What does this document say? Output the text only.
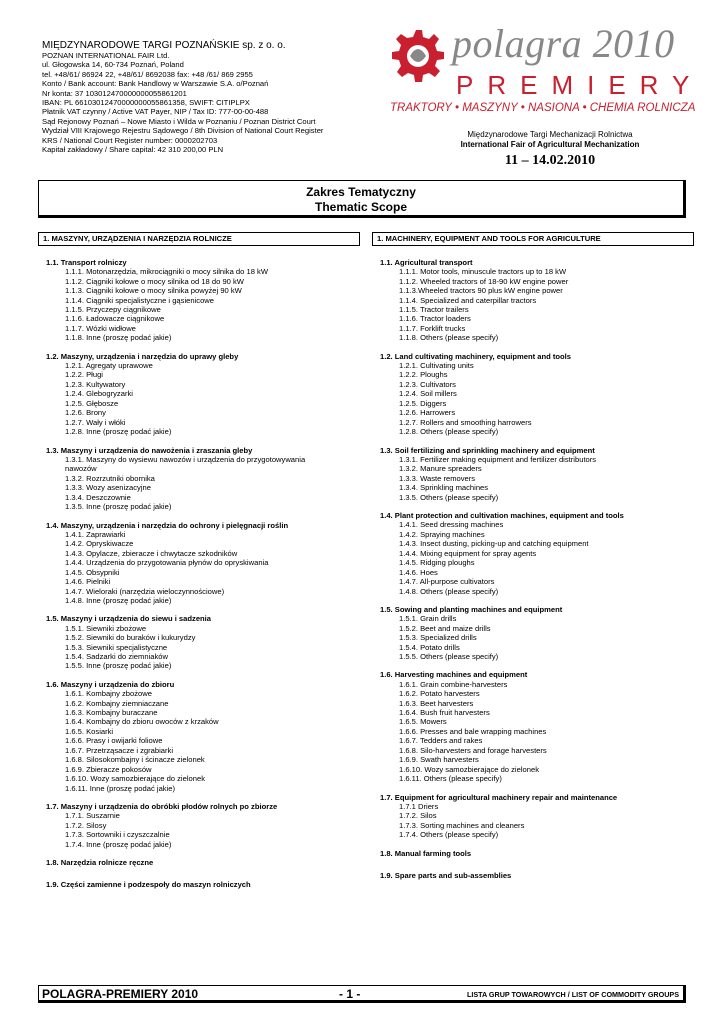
MIĘDZYNARODOWE TARGI POZNAŃSKIE sp. z o. o.
POZNAN INTERNATIONAL FAIR Ltd.
ul. Głogowska 14, 60-734 Poznań, Poland
tel. +48/61/ 86924 22, +48/61/ 8692038 fax: +48 /61/ 869 2955
Konto / Bank account: Bank Handlowy w Warszawie S.A. o/Poznań
Nr konta: 37 103012470000000055861201
IBAN: PL 66103012470000000055861358, SWIFT: CITIPLPX
Płatnik VAT czynny / Active VAT Payer, NIP / Tax ID: 777-00-00-488
Sąd Rejonowy Poznań – Nowe Miasto i Wilda w Poznaniu / Poznan District Court
Wydział VIII Krajowego Rejestru Sądowego / 8th Division of National Court Register
KRS / National Court Register number: 0000202703
Kapitał zakładowy / Share capital: 42 310 200,00 PLN
polagra 2010
PREMIERY
TRAKTORY • MASZYNY • NASIONA • CHEMIA ROLNICZA
Międzynarodowe Targi Mechanizacji Rolnictwa
International Fair of Agricultural Mechanization
11 – 14.02.2010
Zakres Tematyczny
Thematic Scope
1. MASZYNY, URZĄDZENIA I NARZĘDZIA ROLNICZE
1.1. Transport rolniczy
1.1.1. Motonarzędzia, mikrociągniki o mocy silnika do 18 kW
1.1.2. Ciągniki kołowe o mocy silnika od 18 do 90 kW
1.1.3. Ciągniki kołowe o mocy silnika powyżej 90 kW
1.1.4. Ciągniki specjalistyczne i gąsienicowe
1.1.5. Przyczepy ciągnikowe
1.1.6. Ładowacze ciągnikowe
1.1.7. Wózki widłowe
1.1.8. Inne (proszę podać jakie)
1.2. Maszyny, urządzenia i narzędzia do uprawy gleby
1.2.1. Agregaty uprawowe
1.2.2. Pługi
1.2.3. Kultywatory
1.2.4. Glebogryzarki
1.2.5. Głębosze
1.2.6. Brony
1.2.7. Wały i włóki
1.2.8. Inne (proszę podać jakie)
1.3. Maszyny i urządzenia do nawożenia i zraszania gleby
1.3.1. Maszyny do wysiewu nawozów i urządzenia do przygotowywania nawozów
1.3.2. Rozrzutniki obornika
1.3.3. Wozy asenizacyjne
1.3.4. Deszczownie
1.3.5. Inne (proszę podać jakie)
1.4. Maszyny, urządzenia i narzędzia do ochrony i pielęgnacji roślin
1.4.1. Zaprawiarki
1.4.2. Opryskiwacze
1.4.3. Opylacze, zbieracze i chwytacze szkodników
1.4.4. Urządzenia do przygotowania płynów do opryskiwania
1.4.5. Obsypniki
1.4.6. Pielniki
1.4.7. Wieloraki (narzędzia wieloczynnościowe)
1.4.8. Inne (proszę podać jakie)
1.5. Maszyny i urządzenia do siewu i sadzenia
1.5.1. Siewniki zbożowe
1.5.2. Siewniki do buraków i kukurydzy
1.5.3. Siewniki specjalistyczne
1.5.4. Sadzarki do ziemniaków
1.5.5. Inne (proszę podać jakie)
1.6. Maszyny i urządzenia do zbioru
1.6.1. Kombajny zbożowe
1.6.2. Kombajny ziemniaczane
1.6.3. Kombajny buraczane
1.6.4. Kombajny do zbioru owoców z krzaków
1.6.5. Kosiarki
1.6.6. Prasy i owijarki foliowe
1.6.7. Przetrząsacze i zgrabiarki
1.6.8. Silosokombajny i ścinacze zielonek
1.6.9. Zbieracze pokosów
1.6.10. Wozy samozbierające do zielonek
1.6.11. Inne (proszę podać jakie)
1.7. Maszyny i urządzenia do obróbki płodów rolnych po zbiorze
1.7.1. Suszarnie
1.7.2. Silosy
1.7.3. Sortowniki i czyszczalnie
1.7.4. Inne (proszę podać jakie)
1.8. Narzędzia rolnicze ręczne
1.9. Części zamienne i podzespoły do maszyn rolniczych
1. MACHINERY, EQUIPMENT AND TOOLS FOR AGRICULTURE
1.1. Agricultural transport
1.1.1. Motor tools, minuscule tractors up to 18 kW
1.1.2. Wheeled tractors of 18-90 kW engine power
1.1.3.Wheeled tractors 90 plus kW engine power
1.1.4. Specialized and caterpillar tractors
1.1.5. Tractor trailers
1.1.6. Tractor loaders
1.1.7. Forklift trucks
1.1.8. Others (please specify)
1.2. Land cultivating machinery, equipment and tools
1.2.1. Cultivating units
1.2.2. Ploughs
1.2.3. Cultivators
1.2.4. Soil millers
1.2.5. Diggers
1.2.6. Harrowers
1.2.7. Rollers and smoothing harrowers
1.2.8. Others (please specify)
1.3. Soil fertilizing and sprinkling machinery and equipment
1.3.1. Fertilizer making equipment and fertilizer distributors
1.3.2. Manure spreaders
1.3.3. Waste removers
1.3.4. Sprinkling machines
1.3.5. Others (please specify)
1.4. Plant protection and cultivation machines, equipment and tools
1.4.1. Seed dressing machines
1.4.2. Spraying machines
1.4.3. Insect dusting, picking-up and catching equipment
1.4.4. Mixing equipment for spray agents
1.4.5. Ridging ploughs
1.4.6. Hoes
1.4.7. All-purpose cultivators
1.4.8. Others (please specify)
1.5. Sowing and planting machines and equipment
1.5.1. Grain drills
1.5.2. Beet and maize drills
1.5.3. Specialized drills
1.5.4. Potato drills
1.5.5. Others (please specify)
1.6. Harvesting machines and equipment
1.6.1. Grain combine-harvesters
1.6.2. Potato harvesters
1.6.3. Beet harvesters
1.6.4. Bush fruit harvesters
1.6.5. Mowers
1.6.6. Presses and bale wrapping machines
1.6.7. Tedders and rakes
1.6.8. Silo-harvesters and forage harvesters
1.6.9. Swath harvesters
1.6.10. Wozy samozbierające do zielonek
1.6.11. Others (please specify)
1.7. Equipment for agricultural machinery repair and maintenance
1.7.1 Driers
1.7.2. Silos
1.7.3. Sorting machines and cleaners
1.7.4. Others (please specify)
1.8. Manual farming tools
1.9. Spare parts and sub-assemblies
POLAGRA-PREMIERY 2010	- 1 -	LISTA GRUP TOWAROWYCH / LIST OF COMMODITY GROUPS
